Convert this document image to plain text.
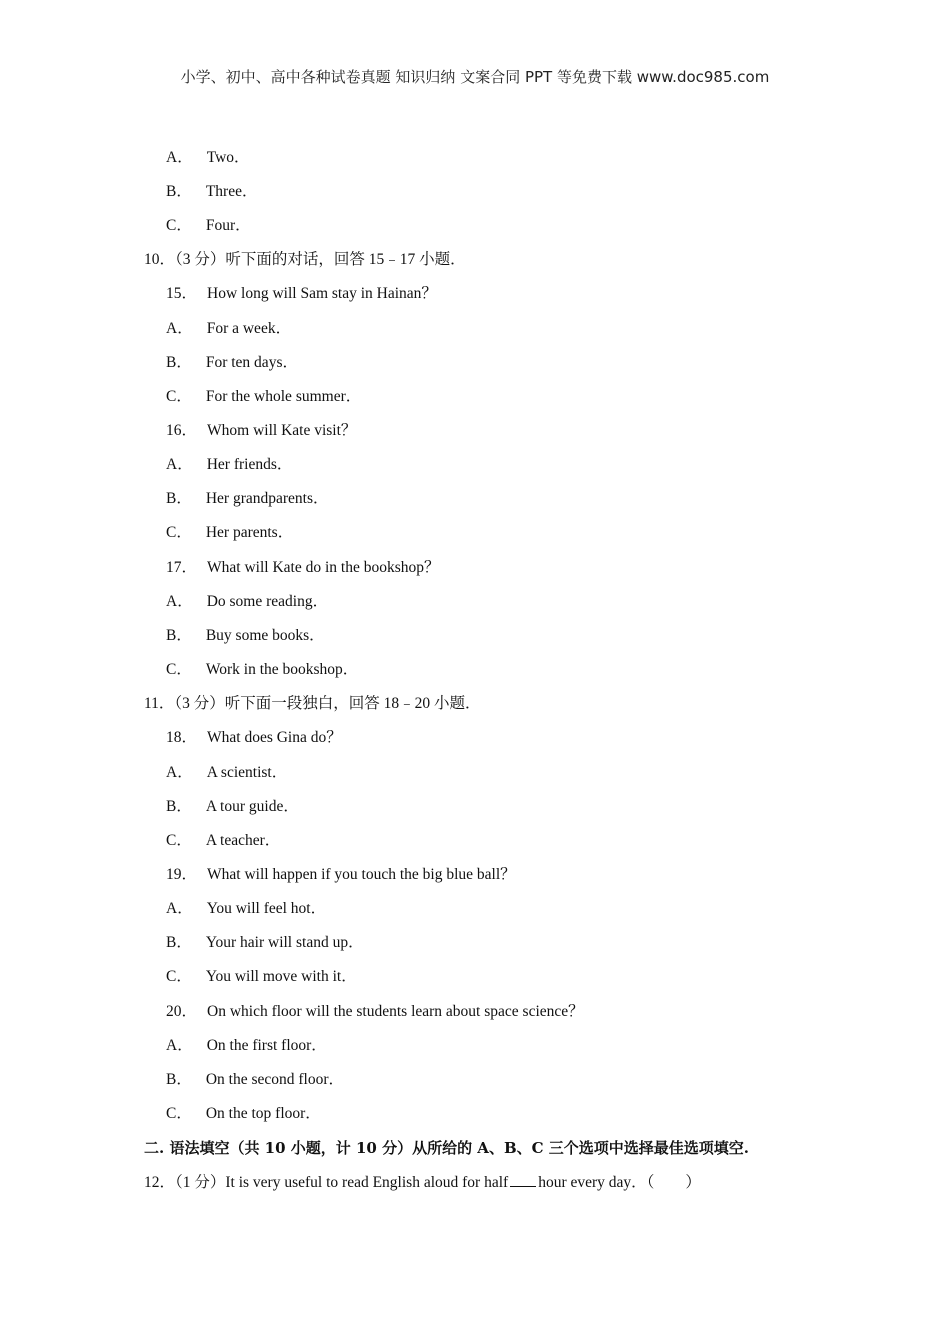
小学、初中、高中各种试卷真题 知识归纳 文案合同 PPT 等免费下载 www.doc985.com
A． Two．
B． Three．
C． Four．
10．（3 分）听下面的对话，回答 15﹣17 小题．
15． How long will Sam stay in Hainan？
A． For a week．
B． For ten days．
C． For the whole summer．
16． Whom will Kate visit？
A． Her friends．
B． Her grandparents．
C． Her parents．
17． What will Kate do in the bookshop？
A． Do some reading．
B． Buy some books．
C． Work in the bookshop．
11．（3 分）听下面一段独白，回答 18﹣20 小题．
18． What does Gina do？
A． A scientist．
B． A tour guide．
C． A teacher．
19． What will happen if you touch the big blue ball？
A． You will feel hot．
B． Your hair will stand up．
C． You will move with it．
20． On which floor will the students learn about space science？
A． On the first floor．
B． On the second floor．
C． On the top floor．
二. 语法填空（共 10 小题，计 10 分）从所给的 A、B、C 三个选项中选择最佳选项填空.
12．（1 分）It is very useful to read English aloud for half hour every day．（　　）
